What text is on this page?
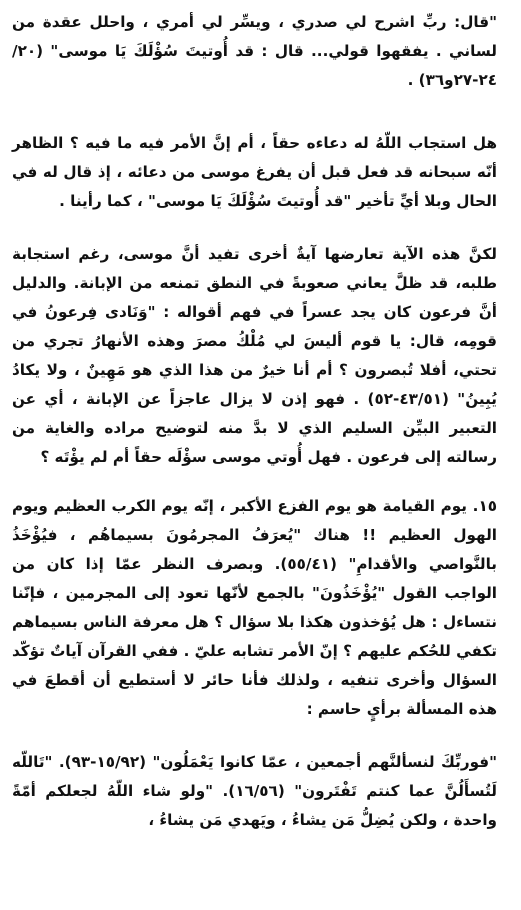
"قال: ربِّ اشرح لي صدري ، ويسِّر لي أمري ، واحلل عقدة من لساني . يفقهوا قولي... قال : قد أُوتيتَ سُؤْلَكَ يَا موسى" (٢٠/ ٢٤-٢٧و٣٦) .

هل استجاب اللّهُ له دعاءه حقاً ، أم إنَّ الأمر فيه ما فيه ؟ الظاهر أنّه سبحانه قد فعل قبل أن يفرغ موسى من دعائه ، إذ قال له في الحال وبلا أيِّ تأخير "قد أُوتيتَ سُؤْلَكَ يَا موسى" ، كما رأينا .

لكنَّ هذه الآية تعارضها آيةٌ أخرى تفيد أنَّ موسى، رغم استجابة طلبه، قد ظلَّ يعاني صعوبةً في النطق تمنعه من الإبانة. والدليل أنَّ فرعون كان يجد عسراً في فهم أقواله : "وَنَادى فِرعونُ في قومِه، قال: يا قوم أليسَ لي مُلْكُ مصرَ وهذه الأنهارُ تجري من تحتي، أفلا تُبصرون ؟ أم أنا خيرٌ من هذا الذي هو مَهِينٌ ، ولا يكادُ يُبِينُ" (٤٣/٥١-٥٢) . فهو إذن لا يزال عاجزاً عن الإبانة ، أي عن التعبير البيِّن السليم الذي لا بدَّ منه لتوضيح مراده والغاية من رسالته إلى فرعون . فهل أُوتي موسى سؤْلَه حقاً أم لم يؤْتَه ؟

١٥. يوم القيامة هو يوم الفزع الأكبر ، إنّه يوم الكرب العظيم ويوم الهول العظيم !! هناك "يُعرَفُ المجرمُونَ بسيماهُم ، فيُؤْخَذُ بالنَّواصي والأقدامِ" (٥٥/٤١). وبصرف النظر عمّا إذا كان من الواجب القول "يُؤْخَذُونَ" بالجمع لأنّها تعود إلى المجرمين ، فإنّنا نتساءل : هل يُؤخذون هكذا بلا سؤال ؟ هل معرفة الناس بسيماهم تكفي للحُكم عليهم ؟ إنّ الأمر تشابه عليّ . ففي القرآن آياتٌ تؤكّد السؤال وأخرى تنفيه ، ولذلك فأنا حائر لا أستطيع أن أقطعَ في هذه المسألة برأيٍ حاسم :

"فوربِّكَ لنسألنَّهم أجمعين ، عمّا كانوا يَعْمَلُون" (١٥/٩٢-٩٣). "تَاللّه لَتُسأَلُنَّ عما كنتم تَفْتَرون" (١٦/٥٦). "ولو شاء اللّهُ لجعلكم أمّةً واحدة ، ولكن يُضِلُّ مَن يشاءُ ، ويَهدي مَن يشاءُ ،
